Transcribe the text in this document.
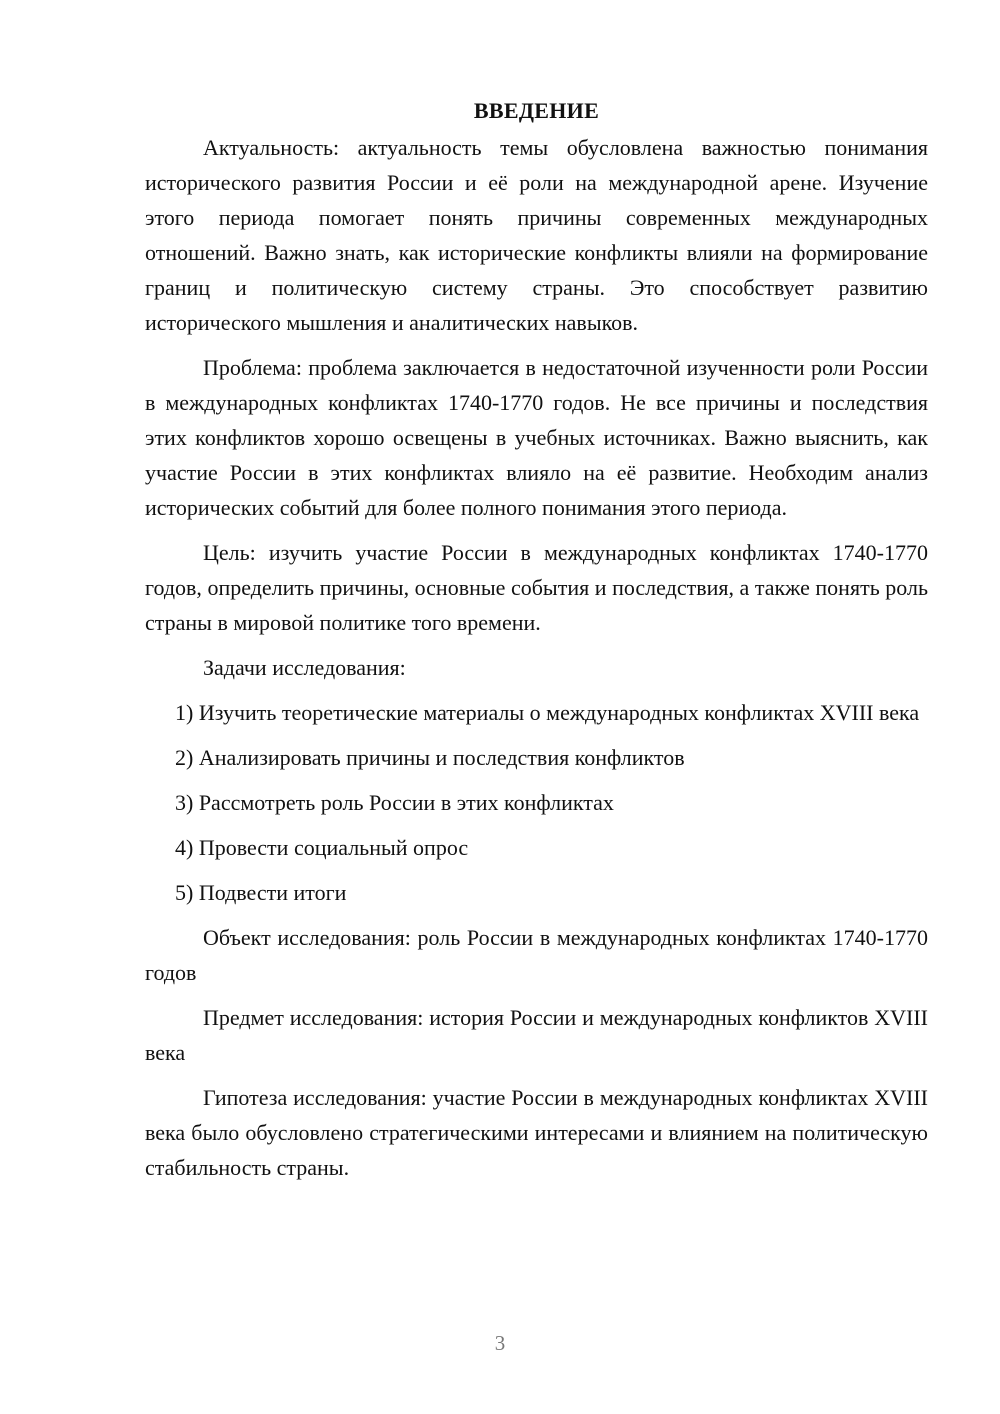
ВВЕДЕНИЕ

Актуальность: актуальность темы обусловлена важностью понимания исторического развития России и её роли на международной арене. Изучение этого периода помогает понять причины современных международных отношений. Важно знать, как исторические конфликты влияли на формирование границ и политическую систему страны. Это способствует развитию исторического мышления и аналитических навыков.

Проблема: проблема заключается в недостаточной изученности роли России в международных конфликтах 1740-1770 годов. Не все причины и последствия этих конфликтов хорошо освещены в учебных источниках. Важно выяснить, как участие России в этих конфликтах влияло на её развитие. Необходим анализ исторических событий для более полного понимания этого периода.

Цель: изучить участие России в международных конфликтах 1740-1770 годов, определить причины, основные события и последствия, а также понять роль страны в мировой политике того времени.

Задачи исследования:

1) Изучить теоретические материалы о международных конфликтах XVIII века

2) Анализировать причины и последствия конфликтов

3) Рассмотреть роль России в этих конфликтах

4) Провести социальный опрос

5) Подвести итоги

Объект исследования: роль России в международных конфликтах 1740-1770 годов

Предмет исследования: история России и международных конфликтов XVIII века

Гипотеза исследования: участие России в международных конфликтах XVIII века было обусловлено стратегическими интересами и влиянием на политическую стабильность страны.

3
